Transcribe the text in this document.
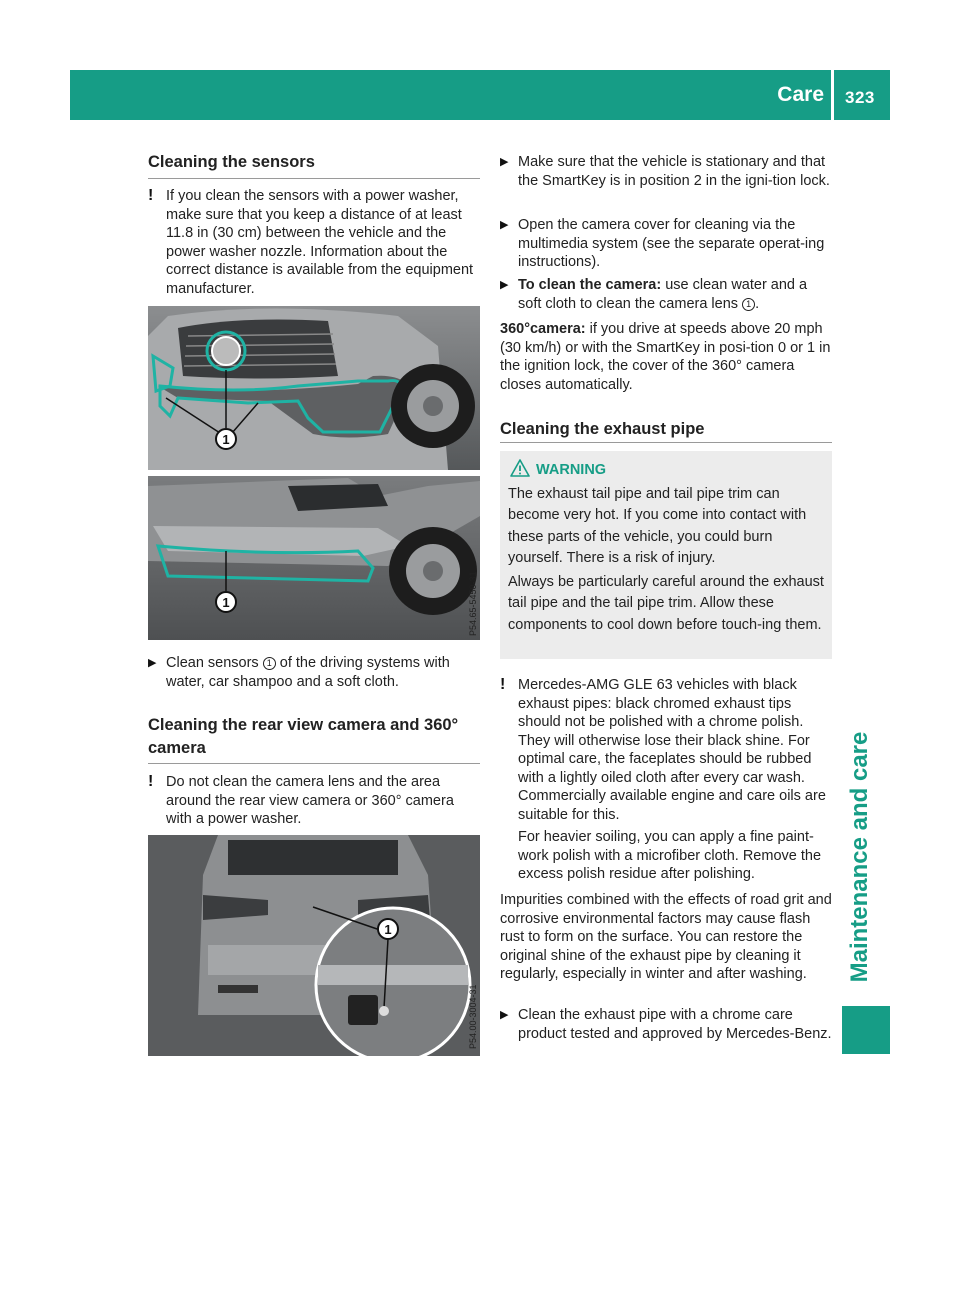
Care 323
Maintenance and care
Cleaning the sensors
! If you clean the sensors with a power washer, make sure that you keep a distance of at least 11.8 in (30 cm) between the vehicle and the power washer nozzle. Information about the correct distance is available from the equipment manufacturer.
1
1	P54.65-5450-31
▶ Clean sensors 1 of the driving systems with water, car shampoo and a soft cloth.
Cleaning the rear view camera and 360°
camera
! Do not clean the camera lens and the area around the rear view camera or 360° camera with a power washer.
1
P54.00-3004-31
▶ Make sure that the vehicle is stationary and that the SmartKey is in position 2 in the igni-tion lock.
▶ Open the camera cover for cleaning via the multimedia system (see the separate operat-ing instructions).
▶ To clean the camera: use clean water and a soft cloth to clean the camera lens 1 .
360°camera: if you drive at speeds above 20 mph (30 km/h) or with the SmartKey in posi-tion 0 or 1 in the ignition lock, the cover of the 360° camera closes automatically.
Cleaning the exhaust pipe
WARNING
The exhaust tail pipe and tail pipe trim can become very hot. If you come into contact with these parts of the vehicle, you could burn yourself. There is a risk of injury.
Always be particularly careful around the exhaust tail pipe and the tail pipe trim. Allow these components to cool down before touch-ing them.
! Mercedes-AMG GLE 63 vehicles with black exhaust pipes: black chromed exhaust tips should not be polished with a chrome polish. They will otherwise lose their black shine. For optimal care, the faceplates should be rubbed with a lightly oiled cloth after every car wash. Commercially available engine and care oils are suitable for this.
For heavier soiling, you can apply a fine paint-work polish with a microfiber cloth. Remove the excess polish residue after polishing.
Impurities combined with the effects of road grit and corrosive environmental factors may cause flash rust to form on the surface. You can restore the original shine of the exhaust pipe by cleaning it regularly, especially in winter and after washing.
▶ Clean the exhaust pipe with a chrome care product tested and approved by Mercedes-Benz.
